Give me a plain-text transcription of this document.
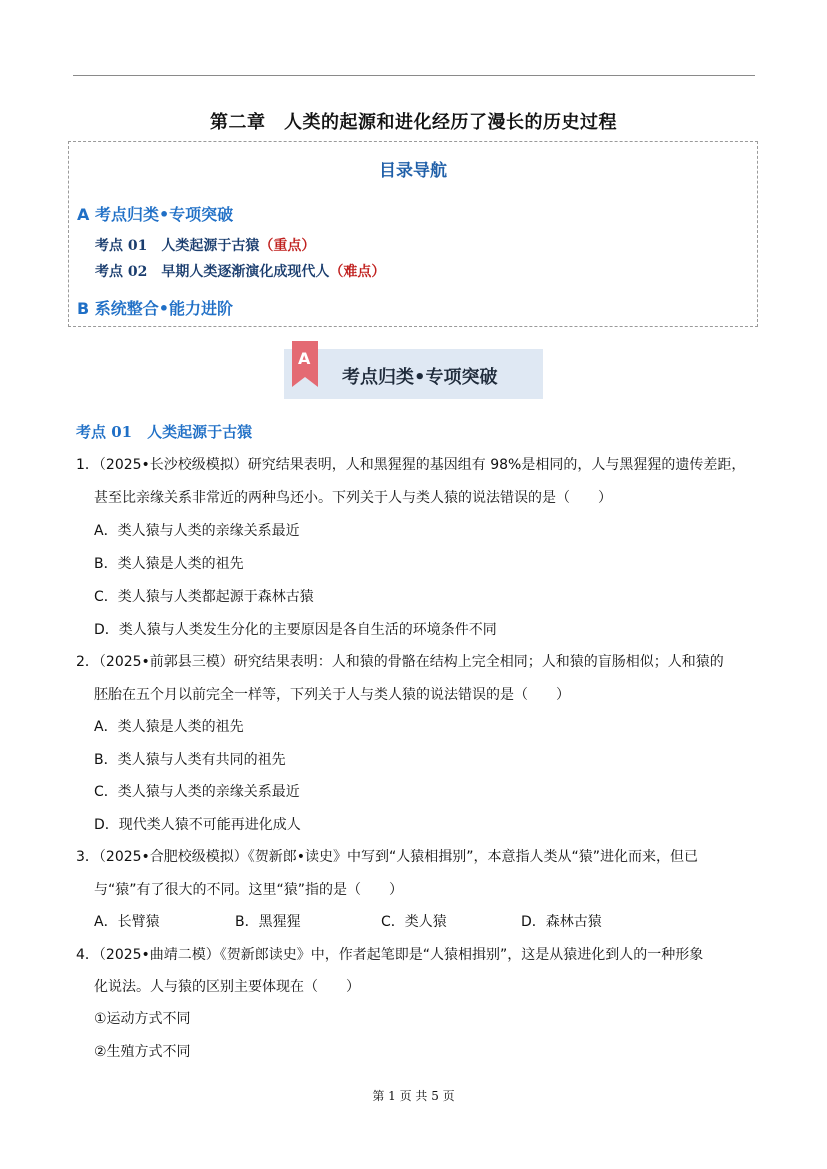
第二章　人类的起源和进化经历了漫长的历史过程
目录导航
A 考点归类•专项突破
考点 01　人类起源于古猿（重点）
考点 02　早期人类逐渐演化成现代人（难点）
B 系统整合•能力进阶
A
考点归类•专项突破
考点 01　人类起源于古猿
1．（2025•长沙校级模拟）研究结果表明，人和黑猩猩的基因组有 98%是相同的，人与黑猩猩的遗传差距，
甚至比亲缘关系非常近的两种鸟还小。下列关于人与类人猿的说法错误的是（　　）
A．类人猿与人类的亲缘关系最近
B．类人猿是人类的祖先
C．类人猿与人类都起源于森林古猿
D．类人猿与人类发生分化的主要原因是各自生活的环境条件不同
2．（2025•前郭县三模）研究结果表明：人和猿的骨骼在结构上完全相同；人和猿的盲肠相似；人和猿的
胚胎在五个月以前完全一样等，下列关于人与类人猿的说法错误的是（　　）
A．类人猿是人类的祖先
B．类人猿与人类有共同的祖先
C．类人猿与人类的亲缘关系最近
D．现代类人猿不可能再进化成人
3．（2025•合肥校级模拟）《贺新郎•读史》中写到“人猿相揖别”，本意指人类从“猿”进化而来，但已
与“猿”有了很大的不同。这里“猿”指的是（　　）
A．长臂猿	B．黑猩猩	C．类人猿	D．森林古猿
4．（2025•曲靖二模）《贺新郎读史》中，作者起笔即是“人猿相揖别”，这是从猿进化到人的一种形象
化说法。人与猿的区别主要体现在（　　）
①运动方式不同
②生殖方式不同
第 1 页 共 5 页
